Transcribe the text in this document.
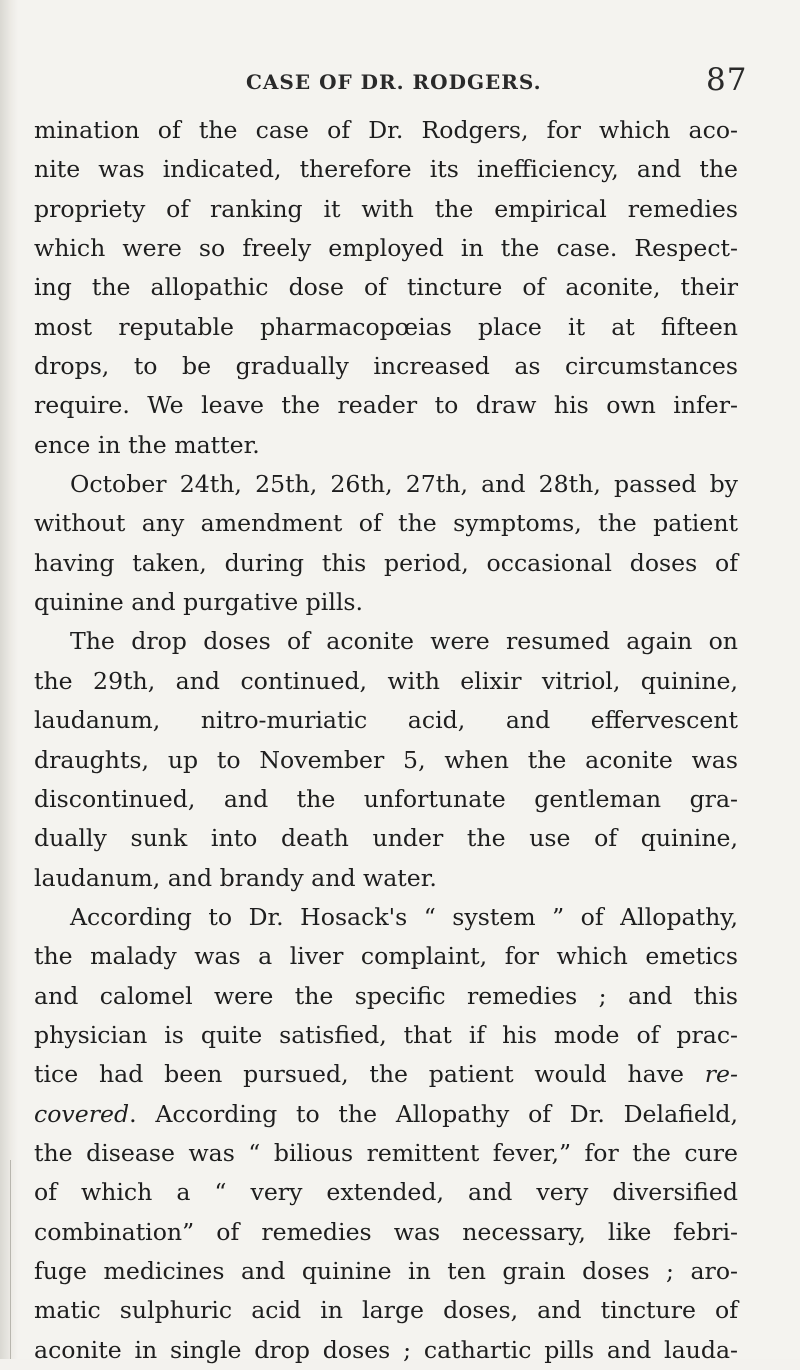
CASE OF DR. RODGERS.	87
mination of the case of Dr. Rodgers, for which aco-
nite was indicated, therefore its inefficiency, and the
propriety of ranking it with the empirical remedies
which were so freely employed in the case. Respect-
ing the allopathic dose of tincture of aconite, their
most reputable pharmacopœias place it at fifteen
drops, to be gradually increased as circumstances
require. We leave the reader to draw his own infer-
ence in the matter.
October 24th, 25th, 26th, 27th, and 28th, passed by
without any amendment of the symptoms, the patient
having taken, during this period, occasional doses of
quinine and purgative pills.
The drop doses of aconite were resumed again on
the 29th, and continued, with elixir vitriol, quinine,
laudanum, nitro-muriatic acid, and effervescent
draughts, up to November 5, when the aconite was
discontinued, and the unfortunate gentleman gra-
dually sunk into death under the use of quinine,
laudanum, and brandy and water.
According to Dr. Hosack's “ system ” of Allopathy,
the malady was a liver complaint, for which emetics
and calomel were the specific remedies ; and this
physician is quite satisfied, that if his mode of prac-
tice had been pursued, the patient would have re-
covered. According to the Allopathy of Dr. Delafield,
the disease was “ bilious remittent fever,” for the cure
of which a “ very extended, and very diversified
combination” of remedies was necessary, like febri-
fuge medicines and quinine in ten grain doses ; aro-
matic sulphuric acid in large doses, and tincture of
aconite in single drop doses ; cathartic pills and lauda-
